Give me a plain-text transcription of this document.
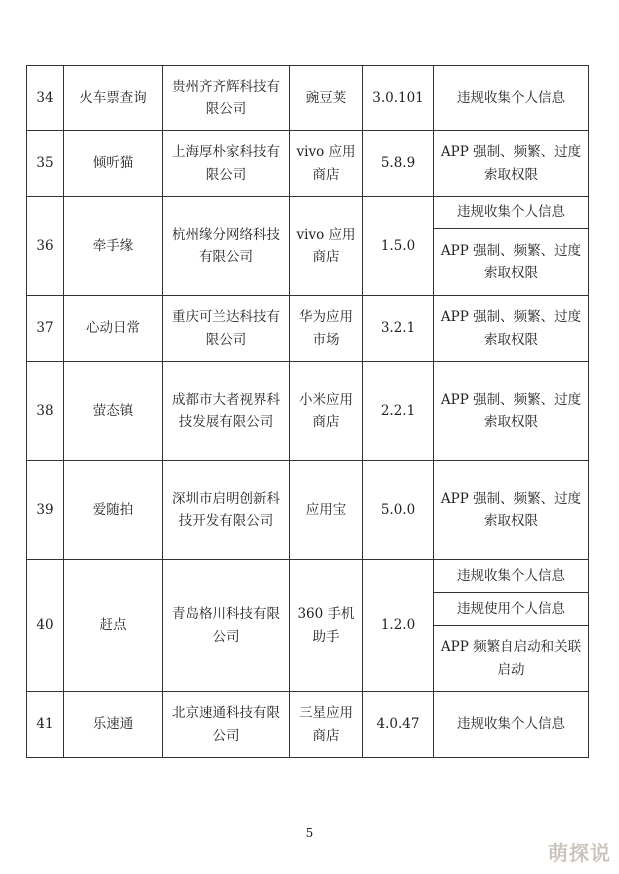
34	火车票查询	贵州齐齐辉科技有限公司	豌豆荚	3.0.101	违规收集个人信息
35	倾听猫	上海厚朴家科技有限公司	vivo 应用商店	5.8.9	APP 强制、频繁、过度索取权限
36	牵手缘	杭州缘分网络科技有限公司	vivo 应用商店	1.5.0	违规收集个人信息
					APP 强制、频繁、过度索取权限
37	心动日常	重庆可兰达科技有限公司	华为应用市场	3.2.1	APP 强制、频繁、过度索取权限
38	萤态镇	成都市大者视界科技发展有限公司	小米应用商店	2.2.1	APP 强制、频繁、过度索取权限
39	爱随拍	深圳市启明创新科技开发有限公司	应用宝	5.0.0	APP 强制、频繁、过度索取权限
40	赶点	青岛格川科技有限公司	360 手机助手	1.2.0	违规收集个人信息
					违规使用个人信息
					APP 频繁自启动和关联启动
41	乐速通	北京速通科技有限公司	三星应用商店	4.0.47	违规收集个人信息
5
萌探说
